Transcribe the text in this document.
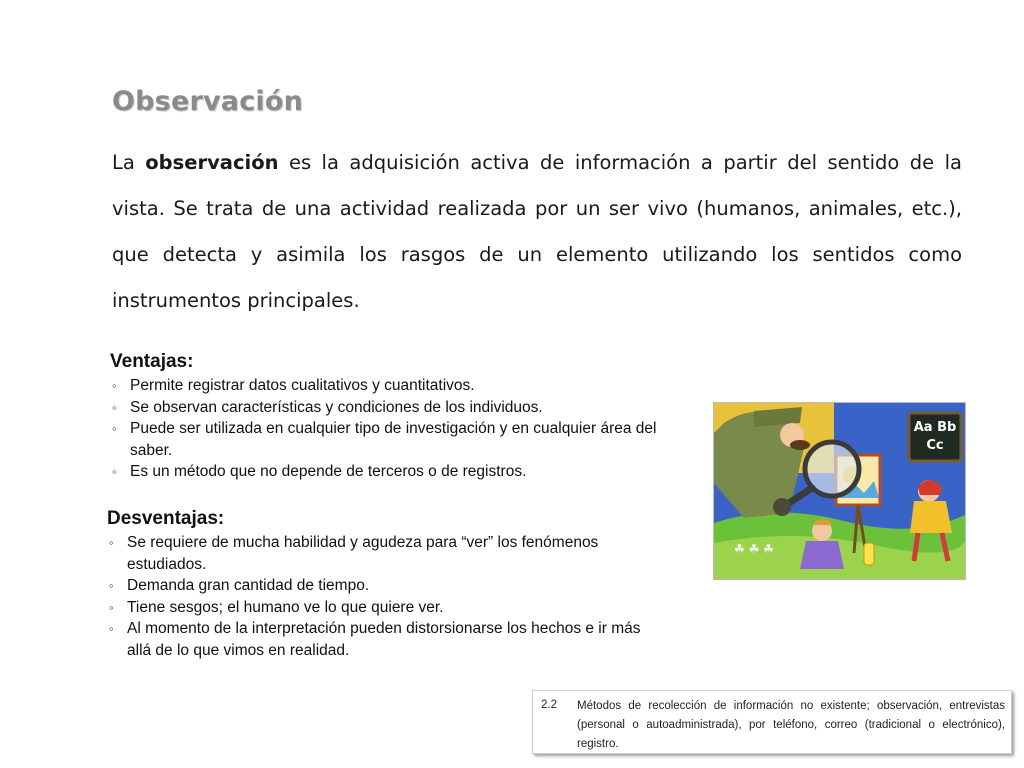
Observación

La observación es la adquisición activa de información a partir del sentido de la vista. Se trata de una actividad realizada por un ser vivo (humanos, animales, etc.), que detecta y asimila los rasgos de un elemento utilizando los sentidos como instrumentos principales.

Ventajas:
◦ Permite registrar datos cualitativos y cuantitativos.
◦ Se observan características y condiciones de los individuos.
◦ Puede ser utilizada en cualquier tipo de investigación y en cualquier área del saber.
◦ Es un método que no depende de terceros o de registros.
Desventajas:
◦ Se requiere de mucha habilidad y agudeza para “ver” los fenómenos estudiados.
◦ Demanda gran cantidad de tiempo.
◦ Tiene sesgos; el humano ve lo que quiere ver.
◦ Al momento de la interpretación pueden distorsionarse los hechos e ir más allá de lo que vimos en realidad.
Aa Bb
Cc
☘ ☘ ☘
2.2 Métodos de recolección de información no existente; observación, entrevistas (personal o autoadministrada), por teléfono, correo (tradicional o electrónico), registro.
